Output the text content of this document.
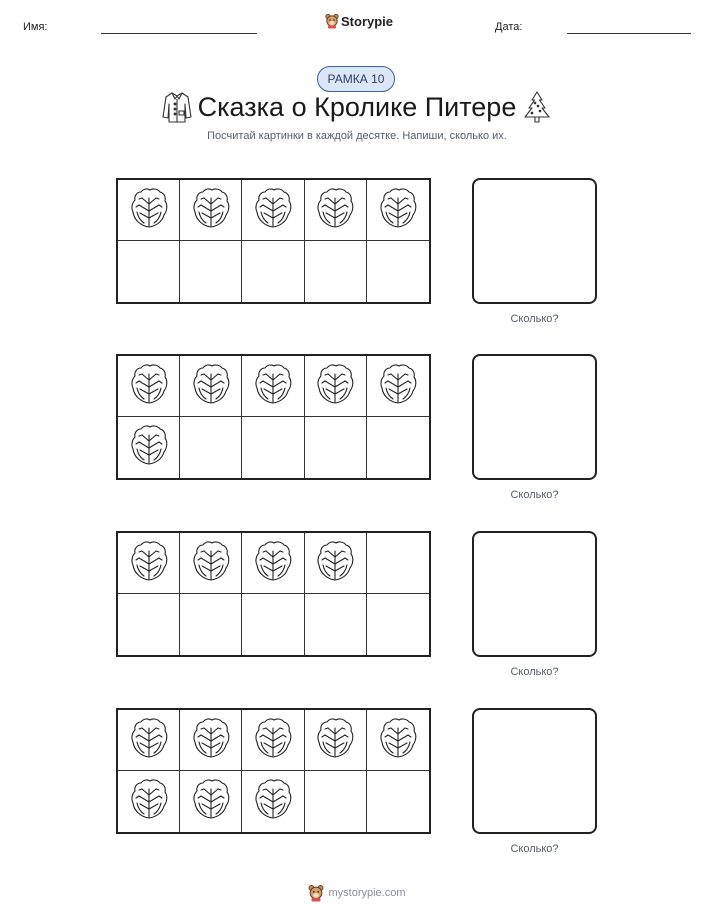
Имя:	Storypie	Дата:
РАМКА 10
Сказка о Кролике Питере
Посчитай картинки в каждой десятке. Напиши, сколько их.
Сколько?
Сколько?
Сколько?
Сколько?
mystorypie.com
